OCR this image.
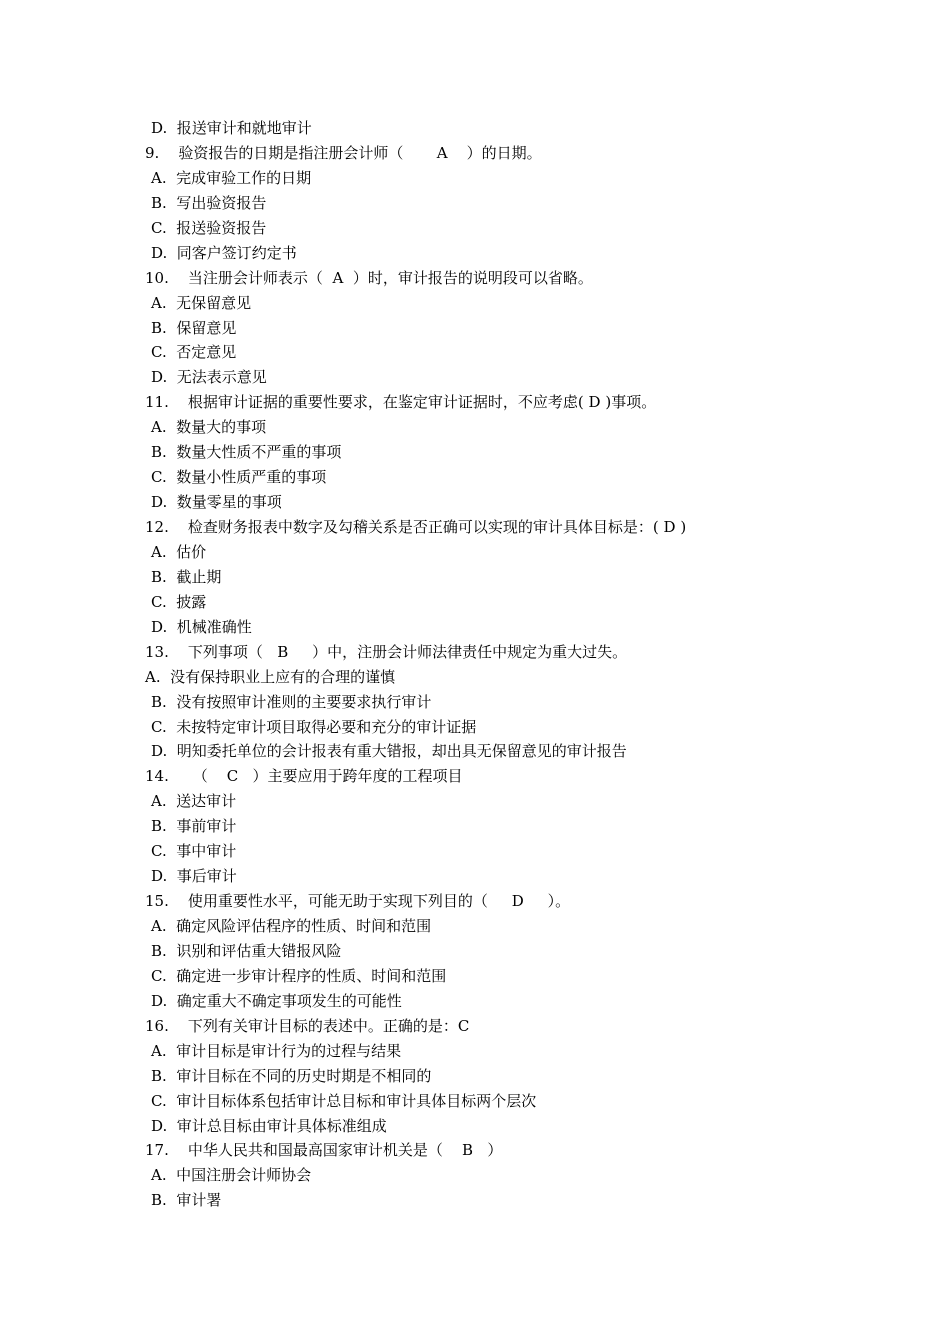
D.  报送审计和就地审计
9.    验资报告的日期是指注册会计师（       A    ）的日期。
A.  完成审验工作的日期
B.  写出验资报告
C.  报送验资报告
D.  同客户签订约定书
10.    当注册会计师表示（  A  ）时，审计报告的说明段可以省略。
A.  无保留意见
B.  保留意见
C.  否定意见
D.  无法表示意见
11.    根据审计证据的重要性要求，在鉴定审计证据时，不应考虑( D )事项。
A.  数量大的事项
B.  数量大性质不严重的事项
C.  数量小性质严重的事项
D.  数量零星的事项
12.    检查财务报表中数字及勾稽关系是否正确可以实现的审计具体目标是：( D )
A.  估价
B.  截止期
C.  披露
D.  机械准确性
13.    下列事项（   B     ）中，注册会计师法律责任中规定为重大过失。
A.  没有保持职业上应有的合理的谨慎
B.  没有按照审计准则的主要要求执行审计
C.  未按特定审计项目取得必要和充分的审计证据
D.  明知委托单位的会计报表有重大错报，却出具无保留意见的审计报告
14.     （    C   ）主要应用于跨年度的工程项目
A.  送达审计
B.  事前审计
C.  事中审计
D.  事后审计
15.    使用重要性水平，可能无助于实现下列目的（     D     ）。
A.  确定风险评估程序的性质、时间和范围
B.  识别和评估重大错报风险
C.  确定进一步审计程序的性质、时间和范围
D.  确定重大不确定事项发生的可能性
16.    下列有关审计目标的表述中。正确的是：C
A.  审计目标是审计行为的过程与结果
B.  审计目标在不同的历史时期是不相同的
C.  审计目标体系包括审计总目标和审计具体目标两个层次
D.  审计总目标由审计具体标准组成
17.    中华人民共和国最高国家审计机关是（    B   ）
A.  中国注册会计师协会
B.  审计署
